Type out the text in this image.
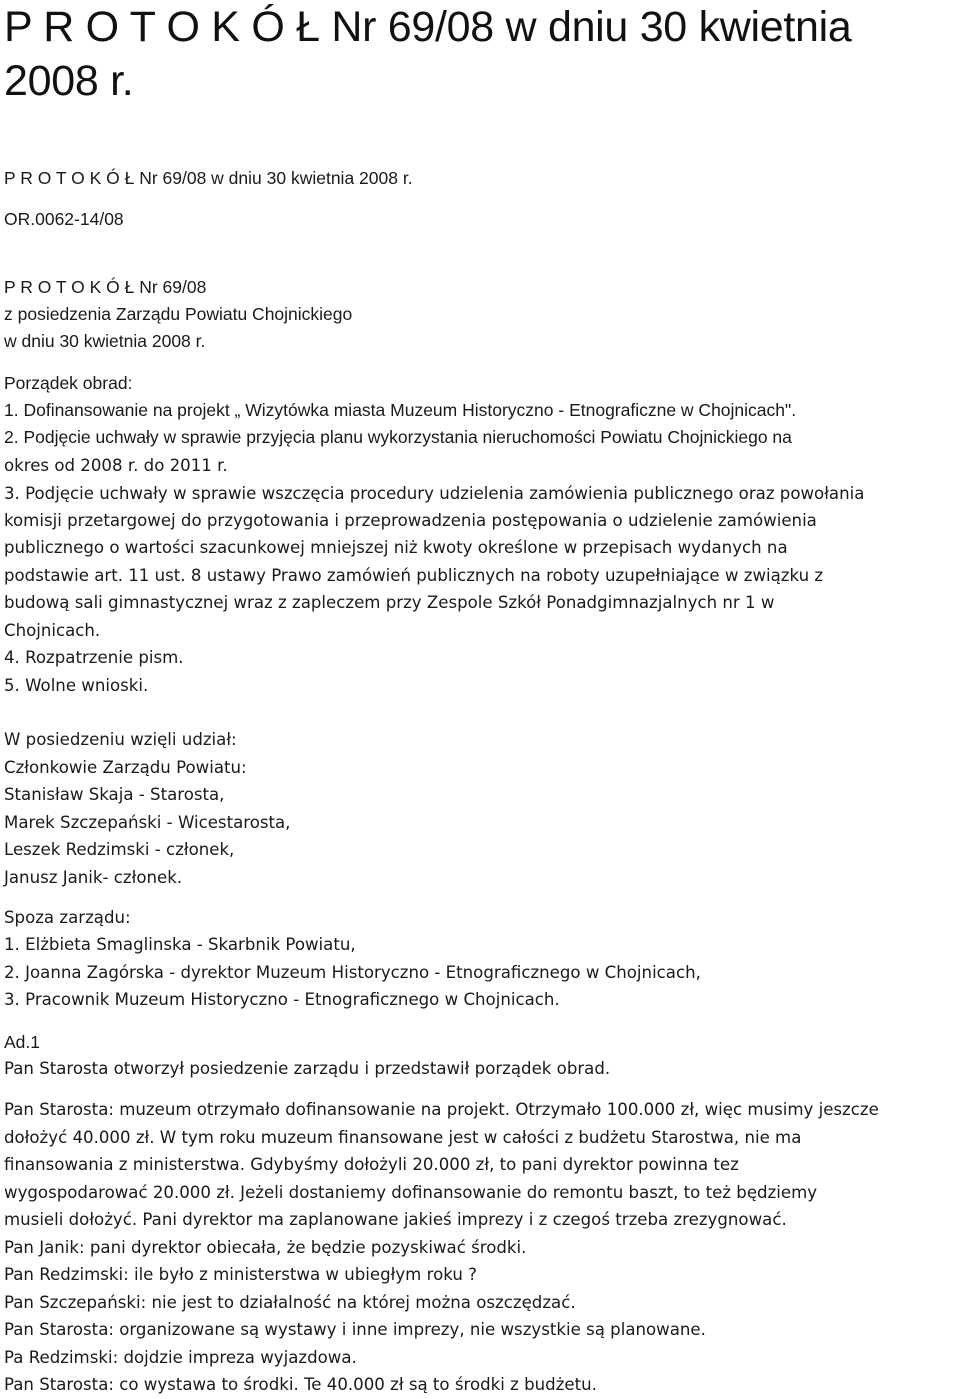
P R O T O K Ó Ł Nr 69/08 w dniu 30 kwietnia 2008 r.
P R O T O K Ó Ł Nr 69/08 w dniu 30 kwietnia 2008 r.
OR.0062-14/08
P R O T O K Ó Ł Nr 69/08
z posiedzenia Zarządu Powiatu Chojnickiego
w dniu 30 kwietnia 2008 r.
Porządek obrad:
1. Dofinansowanie na projekt „ Wizytówka miasta Muzeum Historyczno - Etnograficzne w Chojnicach".
2. Podjęcie uchwały w sprawie przyjęcia planu wykorzystania nieruchomości Powiatu Chojnickiego na
okres od 2008 r. do 2011 r.
3. Podjęcie uchwały w sprawie wszczęcia procedury udzielenia zamówienia publicznego oraz powołania
komisji przetargowej do przygotowania i przeprowadzenia postępowania o udzielenie zamówienia
publicznego o wartości szacunkowej mniejszej niż kwoty określone w przepisach wydanych na
podstawie art. 11 ust. 8 ustawy Prawo zamówień publicznych na roboty uzupełniające w związku z
budową sali gimnastycznej wraz z zapleczem przy Zespole Szkół Ponadgimnazjalnych nr 1 w
Chojnicach.
4. Rozpatrzenie pism.
5. Wolne wnioski.
W posiedzeniu wzięli udział:
Członkowie Zarządu Powiatu:
Stanisław Skaja - Starosta,
Marek Szczepański - Wicestarosta,
Leszek Redzimski - członek,
Janusz Janik- członek.
Spoza zarządu:
1. Elżbieta Smaglinska - Skarbnik Powiatu,
2. Joanna Zagórska - dyrektor Muzeum Historyczno - Etnograficznego w Chojnicach,
3. Pracownik Muzeum Historyczno - Etnograficznego w Chojnicach.
Ad.1
Pan Starosta otworzył posiedzenie zarządu i przedstawił porządek obrad.
Pan Starosta: muzeum otrzymało dofinansowanie na projekt. Otrzymało 100.000 zł, więc musimy jeszcze
dołożyć 40.000 zł. W tym roku muzeum finansowane jest w całości z budżetu Starostwa, nie ma
finansowania z ministerstwa. Gdybyśmy dołożyli 20.000 zł, to pani dyrektor powinna tez
wygospodarować 20.000 zł. Jeżeli dostaniemy dofinansowanie do remontu baszt, to też będziemy
musieli dołożyć. Pani dyrektor ma zaplanowane jakieś imprezy i z czegoś trzeba zrezygnować.
Pan Janik: pani dyrektor obiecała, że będzie pozyskiwać środki.
Pan Redzimski: ile było z ministerstwa w ubiegłym roku ?
Pan Szczepański: nie jest to działalność na której można oszczędzać.
Pan Starosta: organizowane są wystawy i inne imprezy, nie wszystkie są planowane.
Pa Redzimski: dojdzie impreza wyjazdowa.
Pan Starosta: co wystawa to środki. Te 40.000 zł są to środki z budżetu.
